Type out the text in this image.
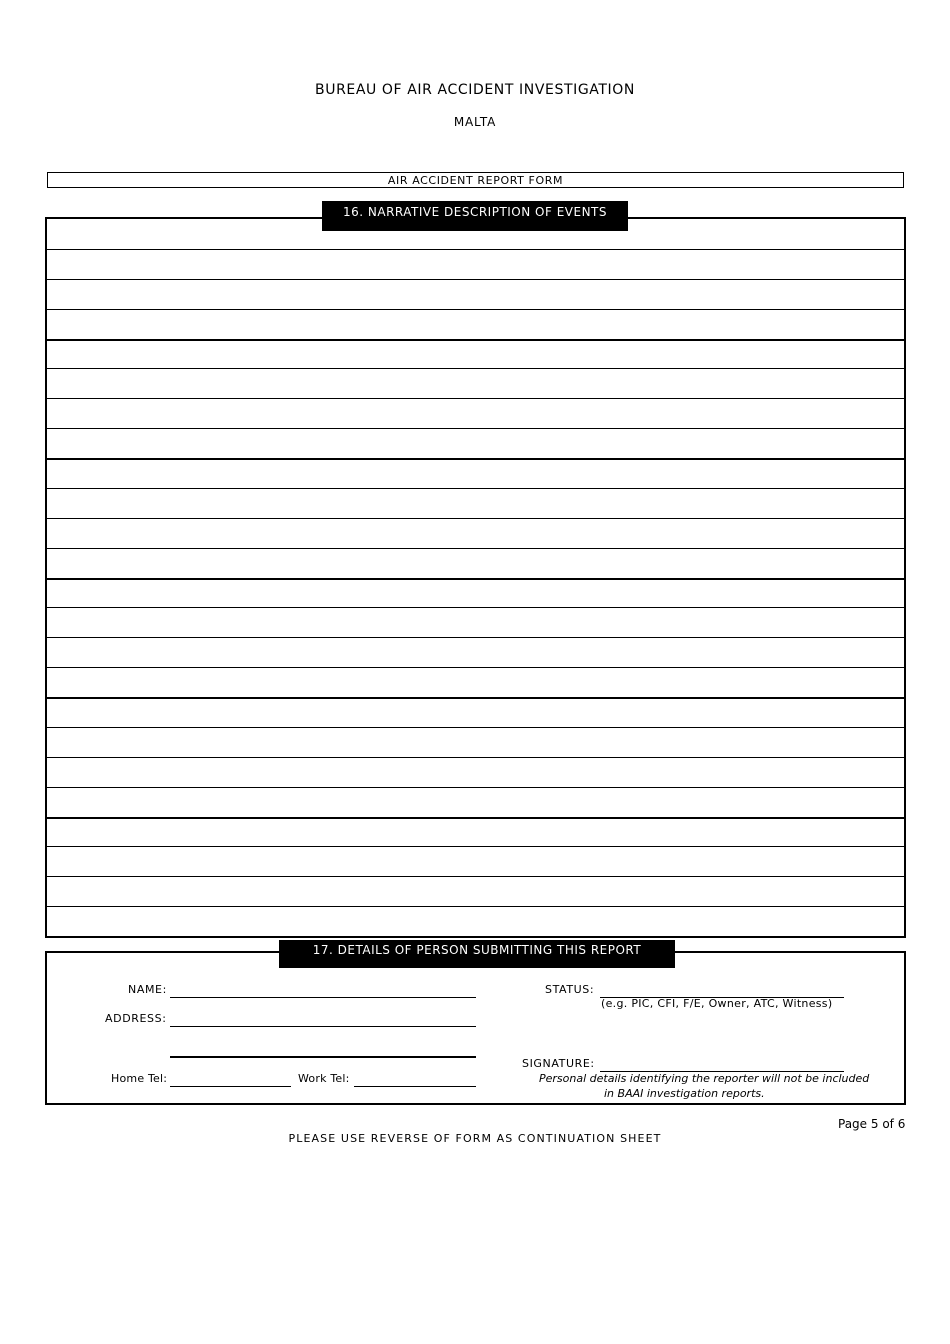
BUREAU OF AIR ACCIDENT INVESTIGATION
MALTA
AIR ACCIDENT REPORT FORM
16. NARRATIVE DESCRIPTION OF EVENTS
NAME:
ADDRESS:
Home Tel:	Work Tel:
STATUS:
(e.g. PIC, CFI, F/E, Owner, ATC, Witness)
SIGNATURE:
Personal details identifying the reporter will not be included
in BAAI investigation reports.
17. DETAILS OF PERSON SUBMITTING THIS REPORT
Page 5 of 6
PLEASE USE REVERSE OF FORM AS CONTINUATION SHEET
